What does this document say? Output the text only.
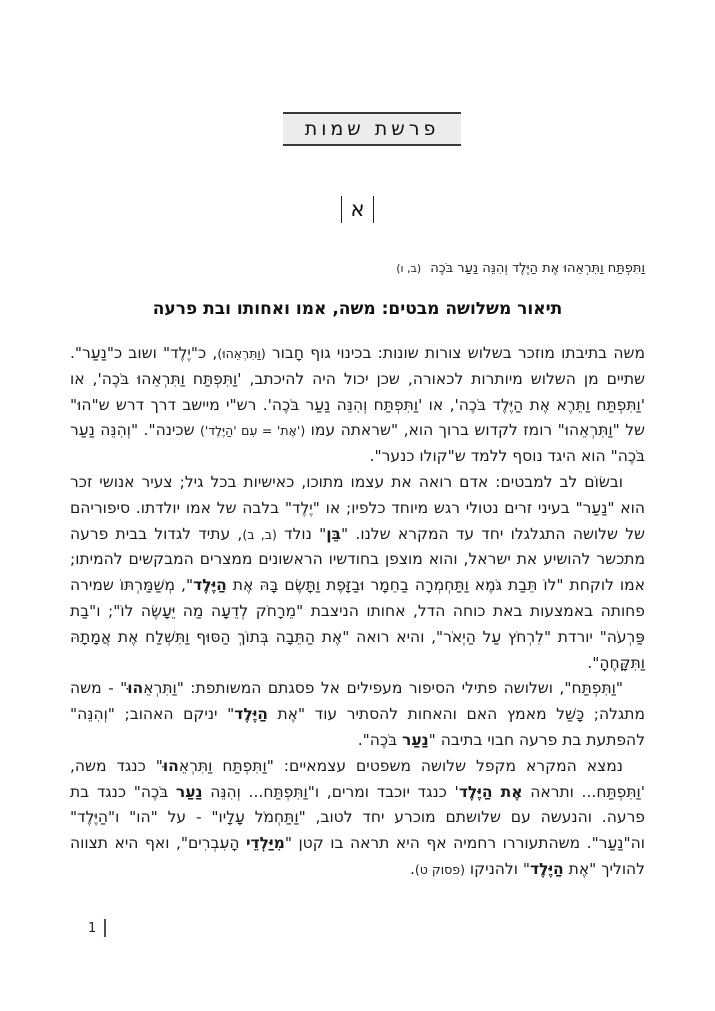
פרשת שמות
א
וַתִּפְתַּח וַתִּרְאֵהוּ אֶת הַיֶּלֶד וְהִנֵּה נַעַר בֹּכֶה (ב, ו)
תיאור משלושה מבטים: משה, אמו ואחותו ובת פרעה

משה בתיבתו מוזכר בשלוש צורות שונות: בכינוי גוף חָבור (וַתִּרְאֵהוּ), כ"יֶלֶד" ושוב כ"נַעַר". שתיים מן השלוש מיותרות לכאורה, שכן יכול היה להיכתב, 'וַתִּפְתַּח וַתִּרְאֵהוּ בֹּכֶה', או 'וַתִּפְתַּח וַתֵּרֶא אֶת הַיֶּלֶד בֹּכֶה', או 'וַתִּפְתַּח וְהִנֵּה נַעַר בֹּכֶה'. רש"י מיישב דרך דרש ש"הוּ" של "וַתִּרְאֵהוּ" רומז לקדוש ברוך הוא, "שראתה עמו ('אֶת' = עִם 'הַיֶּלֶד') שכינה". "וְהִנֵּה נַעַר בֹּכֶה" הוא היגד נוסף ללמד ש"קולו כנער".

ובשׂוֹם לב למבטים: אדם רואה את עצמו מתוכו, כאישיות בכל גיל; צעיר אנושי זכר הוא "נַעַר" בעיני זרים נטולי רגש מיוחד כלפיו; או "יֶלֶד" בלבה של אמו יולדתו. סיפוריהם של שלושה התגלגלו יחד עד המקרא שלנו. "בֵּן" נולד (ב, ב), עתיד לגדול בבית פרעה מתכשר להושיע את ישראל, והוא מוצפן בחודשיו הראשונים ממצרים המבקשים להמיתו; אמו לוקחת "לוֹ תֵּבַת גֹּמֶא וַתַּחְמְרָה בַחֵמָר וּבַזָּפֶת וַתָּשֶׂם בָּהּ אֶת הַיֶּלֶד", מְשַׁמַּרְתּוֹ שמירה פחותה באמצעות באת כוחה הדל, אחותו הניצבת "מֵרָחֹק לְדֵעָה מַה יֵּעָשֶׂה לוֹ"; ו"בַת פַּרְעֹה" יורדת "לִרְחֹץ עַל הַיְאֹר", והיא רואה "אֶת הַתֵּבָה בְּתוֹךְ הַסּוּף וַתִּשְׁלַח אֶת אֲמָתָהּ וַתִּקָּחֶהָ".

"וַתִּפְתַּח", ושלושה פתילי הסיפור מעפילים אל פסגתם המשותפת: "וַתִּרְאֵהוּ" - משה מתגלה; כָּשַׁל מאמץ האם והאחות להסתיר עוד "אֶת הַיֶּלֶד" יניקם האהוב; "וְהִנֵּה" להפתעת בת פרעה חבוי בתיבה "נַעַר בֹּכֶה".

נמצא המקרא מקפל שלושה משפטים עצמאיים: "וַתִּפְתַּח וַתִּרְאֵהוּ" כנגד משה, 'וַתִּפְתַּח... ותראה אֶת הַיֶּלֶד' כנגד יוכבד ומרים, ו"וַתִּפְתַּח... וְהִנֵּה נַעַר בֹּכֶה" כנגד בת פרעה. והנעשה עם שלושתם מוכרע יחד לטוב, "וַתַּחְמֹל עָלָיו" - על "הו" ו"הַיֶּלֶד" וה"נַעַר". משהתעוררו רחמיה אף היא תראה בו קטן "מִיַּלְדֵי הָעִבְרִים", ואף היא תצווה להוליך "אֶת הַיֶּלֶד" ולהניקו (פסוק ט).

1
